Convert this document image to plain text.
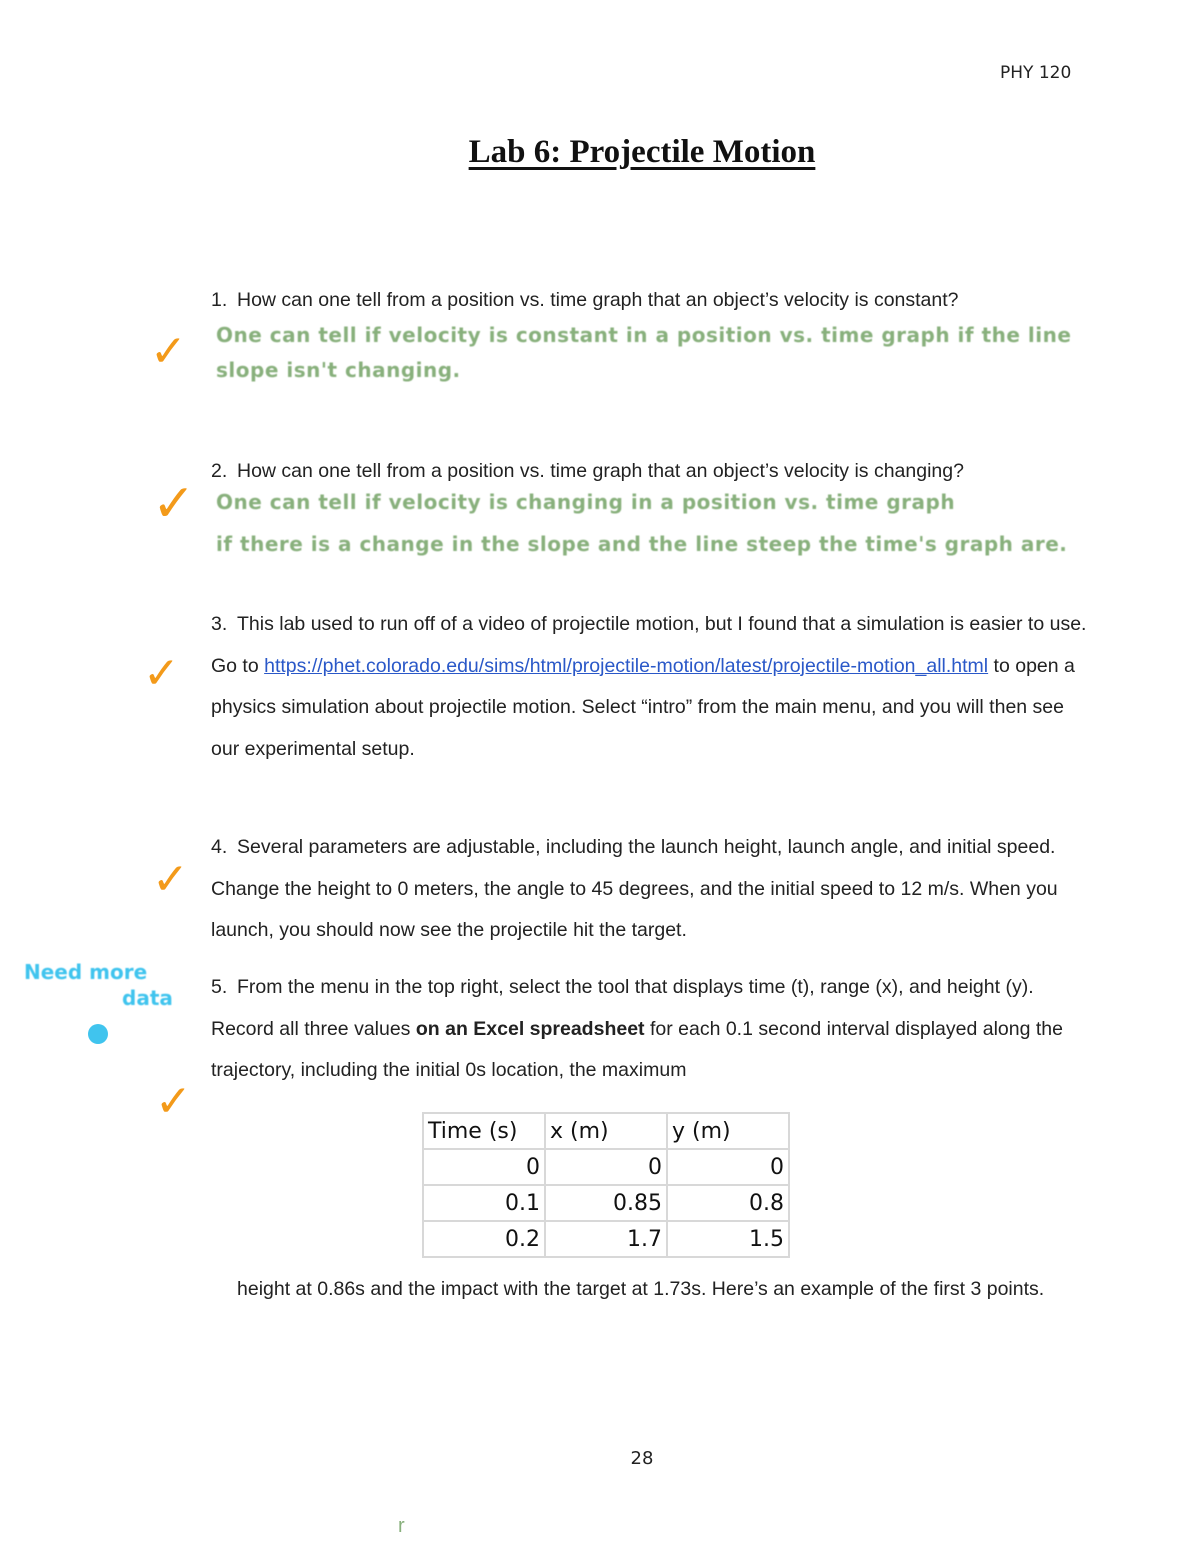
PHY 120
Lab 6: Projectile Motion
1. How can one tell from a position vs. time graph that an object’s velocity is constant?
One can tell if velocity is constant in a position vs. time graph if the line
slope isn't changing.
✓
2. How can one tell from a position vs. time graph that an object’s velocity is changing?
One can tell if velocity is changing in a position vs. time graph
if there is a change in the slope and the line steep the time's graph are.
✓
3. This lab used to run off of a video of projectile motion, but I found that a simulation is easier to use. Go to https://phet.colorado.edu/sims/html/projectile-motion/latest/projectile-motion_all.html to open a physics simulation about projectile motion. Select “intro” from the main menu, and you will then see our experimental setup.
✓
4. Several parameters are adjustable, including the launch height, launch angle, and initial speed. Change the height to 0 meters, the angle to 45 degrees, and the initial speed to 12 m/s. When you launch, you should now see the projectile hit the target.
✓
Need more
data 5. From the menu in the top right, select the tool that displays time (t), range (x), and height (y). Record all three values on an Excel spreadsheet for each 0.1 second interval displayed along the trajectory, including the initial 0s location, the maximum
✓
Time (s)	x (m)	y (m)
0	0	0
0.1	0.85	0.8
0.2	1.7	1.5
height at 0.86s and the impact with the target at 1.73s. Here’s an example of the first 3 points.
28
r
